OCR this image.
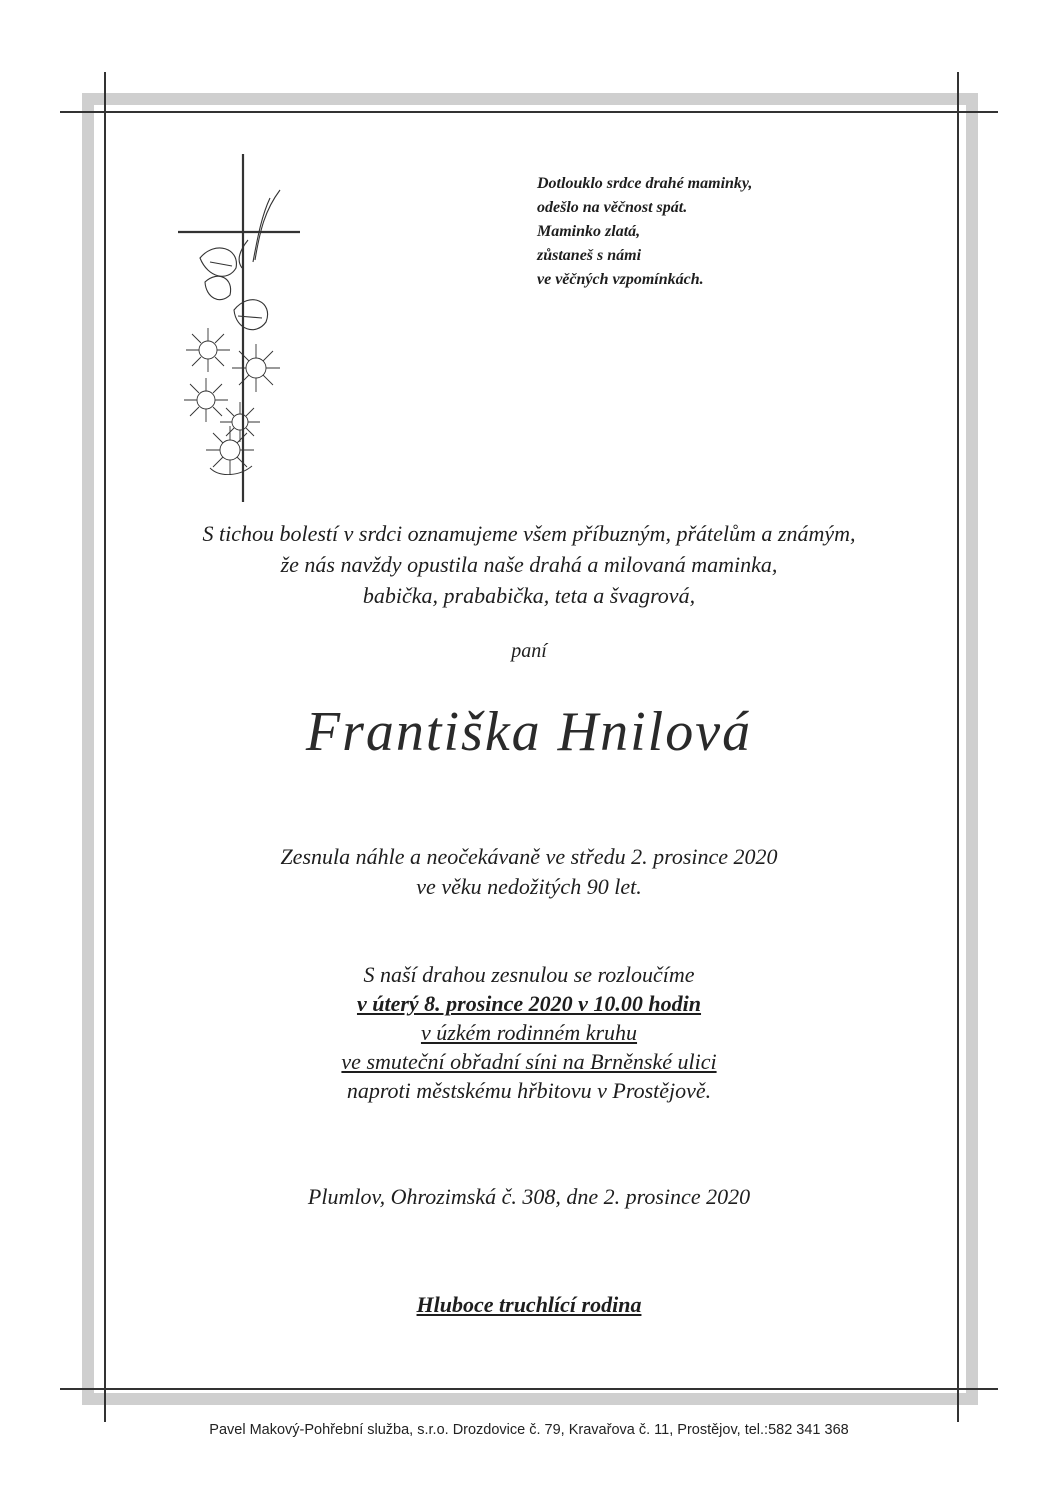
Dotlouklo srdce drahé maminky,
odešlo na věčnost spát.
Maminko zlatá,
zůstaneš s námi
ve věčných vzpomínkách.
S tichou bolestí v srdci oznamujeme všem příbuzným, přátelům a známým,
že nás navždy opustila naše drahá a milovaná maminka,
babička, prababička, teta a švagrová,
paní
Františka Hnilová
Zesnula náhle a neočekávaně ve středu 2. prosince 2020
ve věku nedožitých 90 let.
S naší drahou zesnulou se rozloučíme
v úterý 8. prosince 2020 v 10.00 hodin
v úzkém rodinném kruhu
ve smuteční obřadní síni na Brněnské ulici
naproti městskému hřbitovu v Prostějově.
Plumlov, Ohrozimská č. 308, dne 2. prosince 2020
Hluboce truchlící rodina
Pavel Makový-Pohřební služba, s.r.o. Drozdovice č. 79, Kravařova č. 11, Prostějov, tel.:582 341 368
